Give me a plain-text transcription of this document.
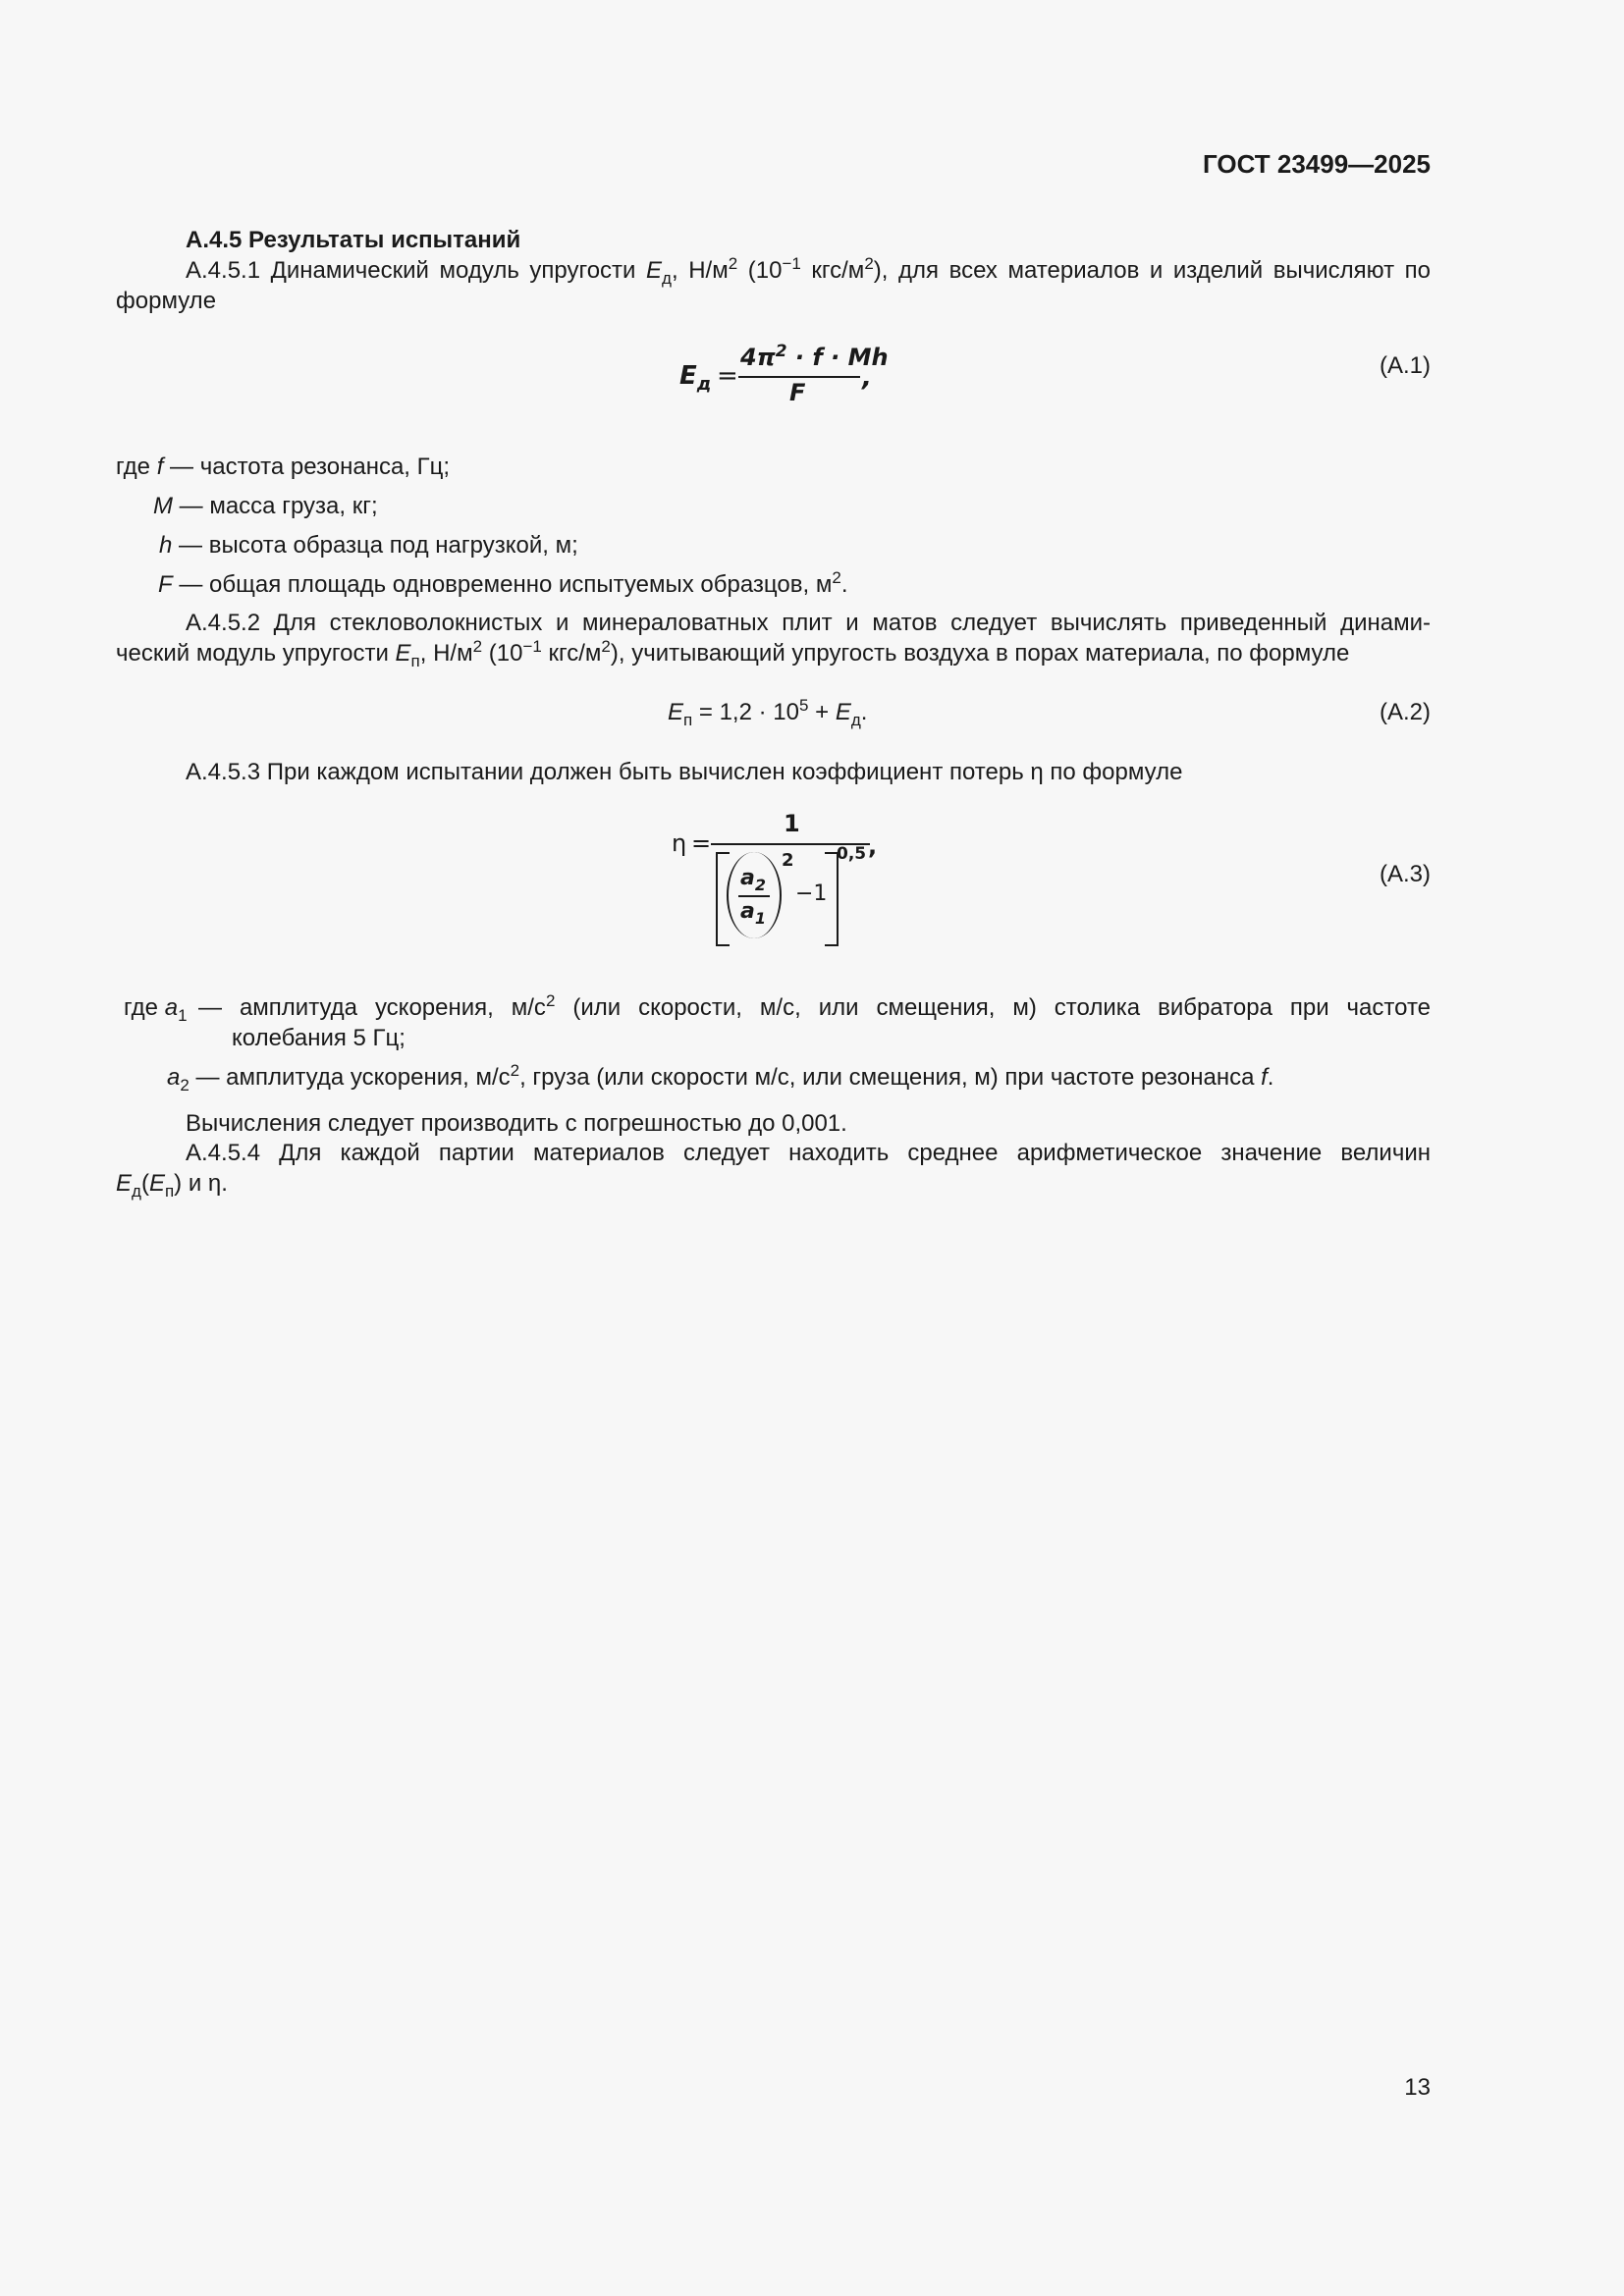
ГОСТ 23499—2025
А.4.5 Результаты испытаний
А.4.5.1 Динамический модуль упругости $E_д$, $Н/м^2$ ($10^{-1}$ кгс/$м^2$), для всех материалов и изделий вычисляют по
формуле
$E_д$ =
$4\pi^2 \cdot f \cdot Mh$
F ,	(А.1)
где f — частота резонанса, Гц;
M — масса груза, кг;
h — высота образца под нагрузкой, м;
F — общая площадь одновременно испытуемых образцов, $м^2$.
А.4.5.2 Для стекловолокнистых и минераловатных плит и матов следует вычислять приведенный динами-
ческий модуль упругости $E_п$, $Н/м^2$ ($10^{-1}$ кгс/$м^2$), учитывающий упругость воздуха в порах материала, по формуле
$E_п = 1,2 \cdot 10^5 + E_д$.	(А.2)
А.4.5.3 При каждом испытании должен быть вычислен коэффициент потерь η по формуле
η =
1
$a_2$
$a_1$
2
−1
0,5 ,
(А.3)
где $a_1$ — амплитуда ускорения, $м/с^2$ (или скорости, м/с, или смещения, м) столика вибратора при частоте
колебания 5 Гц;
$a_2$ — амплитуда ускорения, $м/с^2$, груза (или скорости м/с, или смещения, м) при частоте резонанса f.
Вычисления следует производить с погрешностью до 0,001.
А.4.5.4 Для каждой партии материалов следует находить среднее арифметическое значение величин
$E_д(E_п)$ и η.
13
